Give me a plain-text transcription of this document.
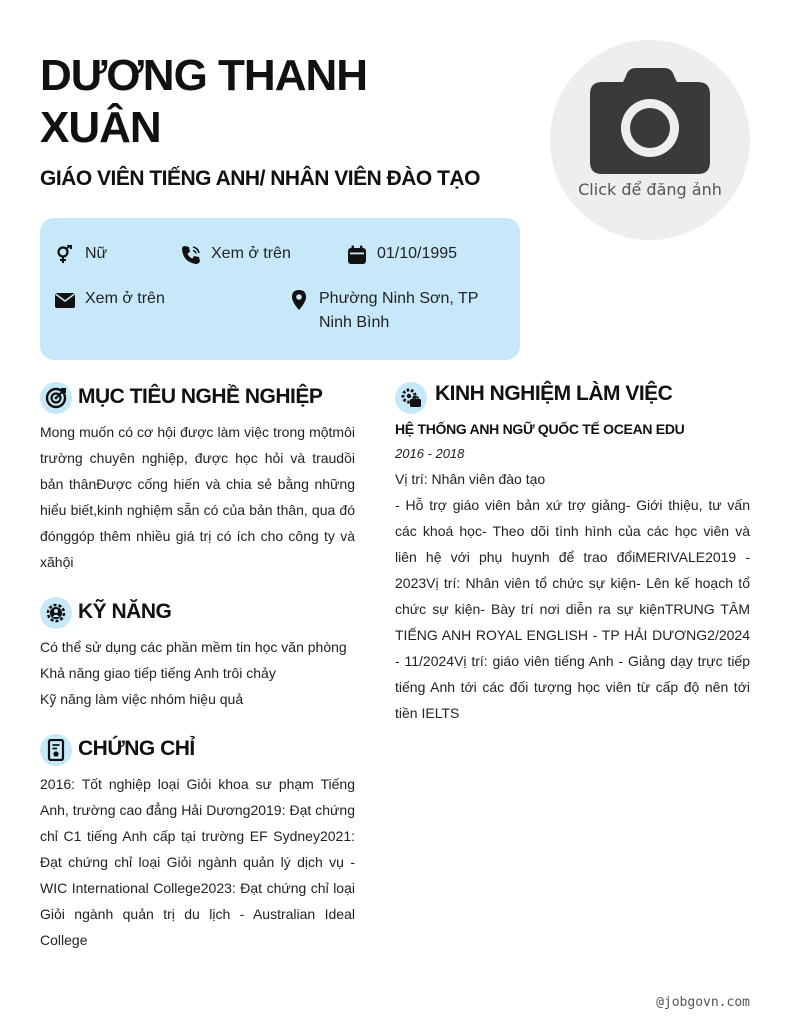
DƯƠNG THANH XUÂN
GIÁO VIÊN TIẾNG ANH/ NHÂN VIÊN ĐÀO TẠO	Click để đăng ảnh
Nữ	Xem ở trên	01/10/1995
Xem ở trên	Phường Ninh Sơn, TP Ninh Bình
MỤC TIÊU NGHỀ NGHIỆP

Mong muốn có cơ hội được làm việc trong mộtmôi trường chuyên nghiệp, được học hỏi và traudồi bản thânĐược cống hiến và chia sẻ bằng những hiểu biết,kinh nghiệm sẵn có của bản thân, qua đó đónggóp thêm nhiều giá trị có ích cho công ty và xãhội

KỸ NĂNG
Có thể sử dụng các phần mềm tin học văn phòng
Khả năng giao tiếp tiếng Anh trôi chảy
Kỹ năng làm việc nhóm hiệu quả
CHỨNG CHỈ

2016: Tốt nghiệp loại Giỏi khoa sư phạm Tiếng Anh, trường cao đẳng Hải Dương2019: Đạt chứng chỉ C1 tiếng Anh cấp tại trường EF Sydney2021: Đạt chứng chỉ loại Giỏi ngành quản lý dịch vụ - WIC International College2023: Đạt chứng chỉ loại Giỏi ngành quản trị du lịch - Australian Ideal College

KINH NGHIỆM LÀM VIỆC
HỆ THỐNG ANH NGỮ QUỐC TẾ OCEAN EDU
2016 - 2018
Vị trí: Nhân viên đào tạo

- Hỗ trợ giáo viên bản xứ trợ giảng- Giới thiệu, tư vấn các khoá học- Theo dõi tình hình của các học viên và liên hệ với phụ huynh để trao đổiMERIVALE2019 - 2023Vị trí: Nhân viên tổ chức sự kiện- Lên kế hoạch tổ chức sự kiện- Bày trí nơi diễn ra sự kiệnTRUNG TÂM TIẾNG ANH ROYAL ENGLISH - TP HẢI DƯƠNG2/2024 - 11/2024Vị trí: giáo viên tiếng Anh - Giảng dạy trực tiếp tiếng Anh tới các đối tượng học viên từ cấp độ nên tới tiền IELTS

@jobgovn.com
